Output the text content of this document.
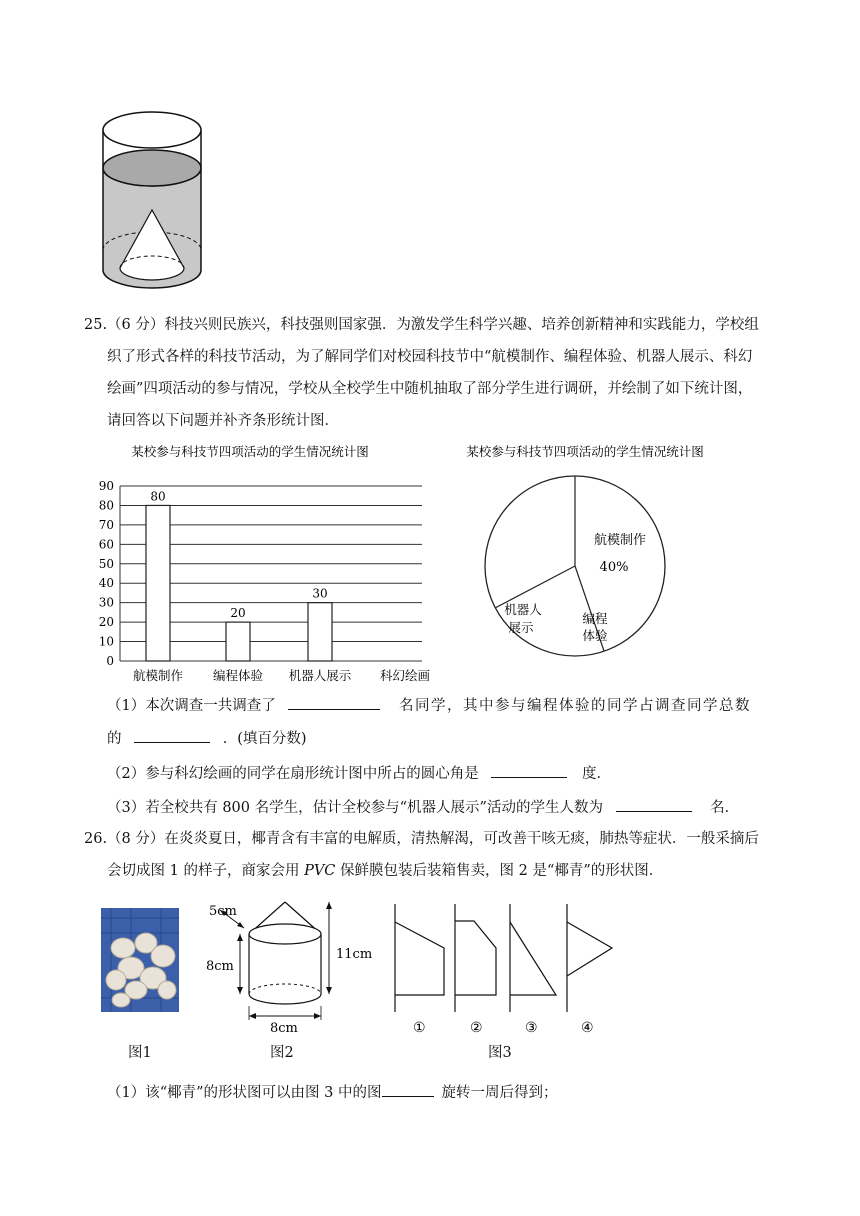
25.（6 分）科技兴则民族兴，科技强则国家强．为激发学生科学兴趣、培养创新精神和实践能力，学校组
织了形式各样的科技节活动，为了解同学们对校园科技节中“航模制作、编程体验、机器人展示、科幻
绘画”四项活动的参与情况，学校从全校学生中随机抽取了部分学生进行调研，并绘制了如下统计图，
请回答以下问题并补齐条形统计图．
某校参与科技节四项活动的学生情况统计图
0
10
20
30
40
50
60
70
80
90
80
航模制作
20
编程体验
30
机器人展示 科幻绘画
某校参与科技节四项活动的学生情况统计图
航模制作
40%
机器人
展示
编程
体验
（1）本次调查一共调查了	名同学，其中参与编程体验的同学占调查同学总数
的	．(填百分数)
（2）参与科幻绘画的同学在扇形统计图中所占的圆心角是	度．
（3）若全校共有 800 名学生，估计全校参与“机器人展示”活动的学生人数为	名．
26.（8 分）在炎炎夏日，椰青含有丰富的电解质，清热解渴，可改善干咳无痰，肺热等症状．一般采摘后
会切成图 1 的样子，商家会用 PVC 保鲜膜包装后装箱售卖，图 2 是“椰青”的形状图．
图1
5cm
8cm
11cm
8cm
图2
①	②	③	④
图3
（1）该“椰青”的形状图可以由图 3 中的图	旋转一周后得到；
